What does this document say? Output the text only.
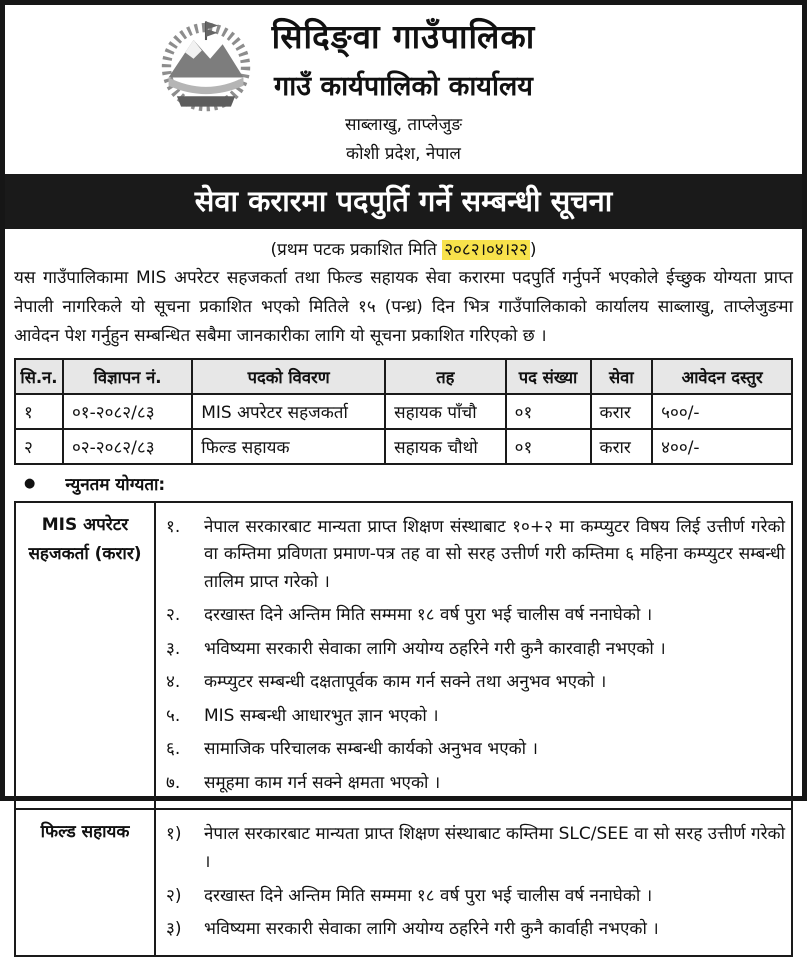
सिदिङ्वा गाउँपालिका
गाउँ कार्यपालिको कार्यालय
साब्लाखु, ताप्लेजुङ
कोशी प्रदेश, नेपाल
सेवा करारमा पदपुर्ति गर्ने सम्बन्धी सूचना
(प्रथम पटक प्रकाशित मिति २०८२।०४।२२ )
यस गाउँपालिकामा MIS अपरेटर सहजकर्ता तथा फिल्ड सहायक सेवा करारमा पदपुर्ति गर्नुपर्ने भएकोले ईच्छुक योग्यता प्राप्त नेपाली नागरिकले यो सूचना प्रकाशित भएको मितिले १५ (पन्ध्र) दिन भित्र गाउँपालिकाको कार्यालय साब्लाखु, ताप्लेजुङमा आवेदन पेश गर्नुहुन सम्बन्धित सबैमा जानकारीका लागि यो सूचना प्रकाशित गरिएको छ ।
सि.न.	विज्ञापन नं.	पदको विवरण	तह	पद संख्या	सेवा	आवेदन दस्तुर
१	०१-२०८२/८३	MIS अपरेटर सहजकर्ता	सहायक पाँचौ	०१	करार	५००/-
२	०२-२०८२/८३	फिल्ड सहायक	सहायक चौथो	०१	करार	४००/-
● न्युनतम योग्यता:
MIS अपरेटर सहजकर्ता (करार)	
१.	नेपाल सरकारबाट मान्यता प्राप्त शिक्षण संस्थाबाट १०+२ मा कम्प्युटर विषय लिई उत्तीर्ण गरेको वा कम्तिमा प्रविणता प्रमाण-पत्र तह वा सो सरह उत्तीर्ण गरी कम्तिमा ६ महिना कम्प्युटर सम्बन्धी तालिम प्राप्त गरेको ।
२.	दरखास्त दिने अन्तिम मिति सम्ममा १८ वर्ष पुरा भई चालीस वर्ष ननाघेको ।
३.	भविष्यमा सरकारी सेवाका लागि अयोग्य ठहरिने गरी कुनै कारवाही नभएको ।
४.	कम्प्युटर सम्बन्धी दक्षतापूर्वक काम गर्न सक्ने तथा अनुभव भएको ।
५.	MIS सम्बन्धी आधारभुत ज्ञान भएको ।
६.	सामाजिक परिचालक सम्बन्धी कार्यको अनुभव भएको ।
७.	समूहमा काम गर्न सक्ने क्षमता भएको ।

फिल्ड सहायक	१)	नेपाल सरकारबाट मान्यता प्राप्त शिक्षण संस्थाबाट कम्तिमा SLC/SEE वा सो सरह उत्तीर्ण गरेको ।
२)	दरखास्त दिने अन्तिम मिति सम्ममा १८ वर्ष पुरा भई चालीस वर्ष ननाघेको ।
३)	भविष्यमा सरकारी सेवाका लागि अयोग्य ठहरिने गरी कुनै कार्वाही नभएको ।
